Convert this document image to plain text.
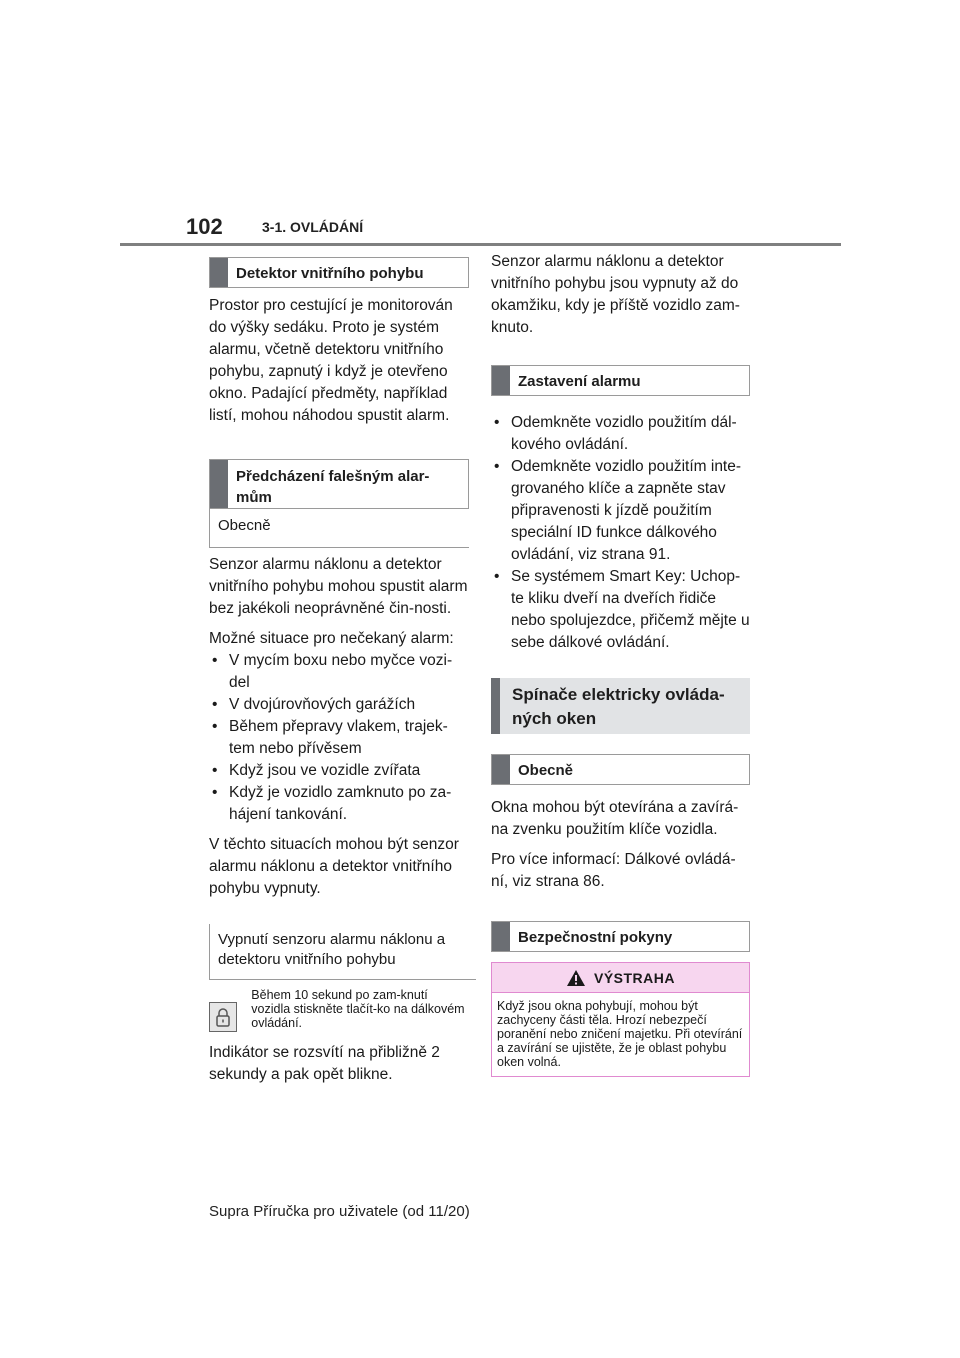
102	3-1. OVLÁDÁNÍ
Detektor vnitřního pohybu

Prostor pro cestující je monitorován do výšky sedáku. Proto je systém alarmu, včetně detektoru vnitřního pohybu, zapnutý i když je otevřeno okno. Padající předměty, například listí, mohou náhodou spustit alarm.

Předcházení falešným alar-mům
Obecně

Senzor alarmu náklonu a detektor vnitřního pohybu mohou spustit alarm bez jakékoli neoprávněné čin-nosti.

Možné situace pro nečekaný alarm:

• V mycím boxu nebo myčce vozi-del
• V dvojúrovňových garážích
• Během přepravy vlakem, trajek-tem nebo přívěsem
• Když jsou ve vozidle zvířata
• Když je vozidlo zamknuto po za-hájení tankování.

V těchto situacích mohou být senzor alarmu náklonu a detektor vnitřního pohybu vypnuty.

Vypnutí senzoru alarmu náklonu a detektoru vnitřního pohybu
Během 10 sekund po zam-knutí vozidla stiskněte tlačít-ko na dálkovém ovládání.

Indikátor se rozsvítí na přibližně 2 sekundy a pak opět blikne.

Senzor alarmu náklonu a detektor vnitřního pohybu jsou vypnuty až do okamžiku, kdy je příště vozidlo zam-knuto.

Zastavení alarmu
• Odemkněte vozidlo použitím dál-kového ovládání.
• Odemkněte vozidlo použitím inte-grovaného klíče a zapněte stav připravenosti k jízdě použitím speciální ID funkce dálkového ovládání, viz strana 91.
• Se systémem Smart Key: Uchop-te kliku dveří na dveřích řidiče nebo spolujezdce, přičemž mějte u sebe dálkové ovládání.
Spínače elektricky ovláda-ných oken
Obecně

Okna mohou být otevírána a zavírá-na zvenku použitím klíče vozidla.

Pro více informací: Dálkové ovládá-ní, viz strana 86.

Bezpečnostní pokyny
VÝSTRAHA
Když jsou okna pohybují, mohou být zachyceny části těla. Hrozí nebezpečí poranění nebo zničení majetku. Při otevírání a zavírání se ujistěte, že je oblast pohybu oken volná.
Supra Příručka pro uživatele (od 11/20)
